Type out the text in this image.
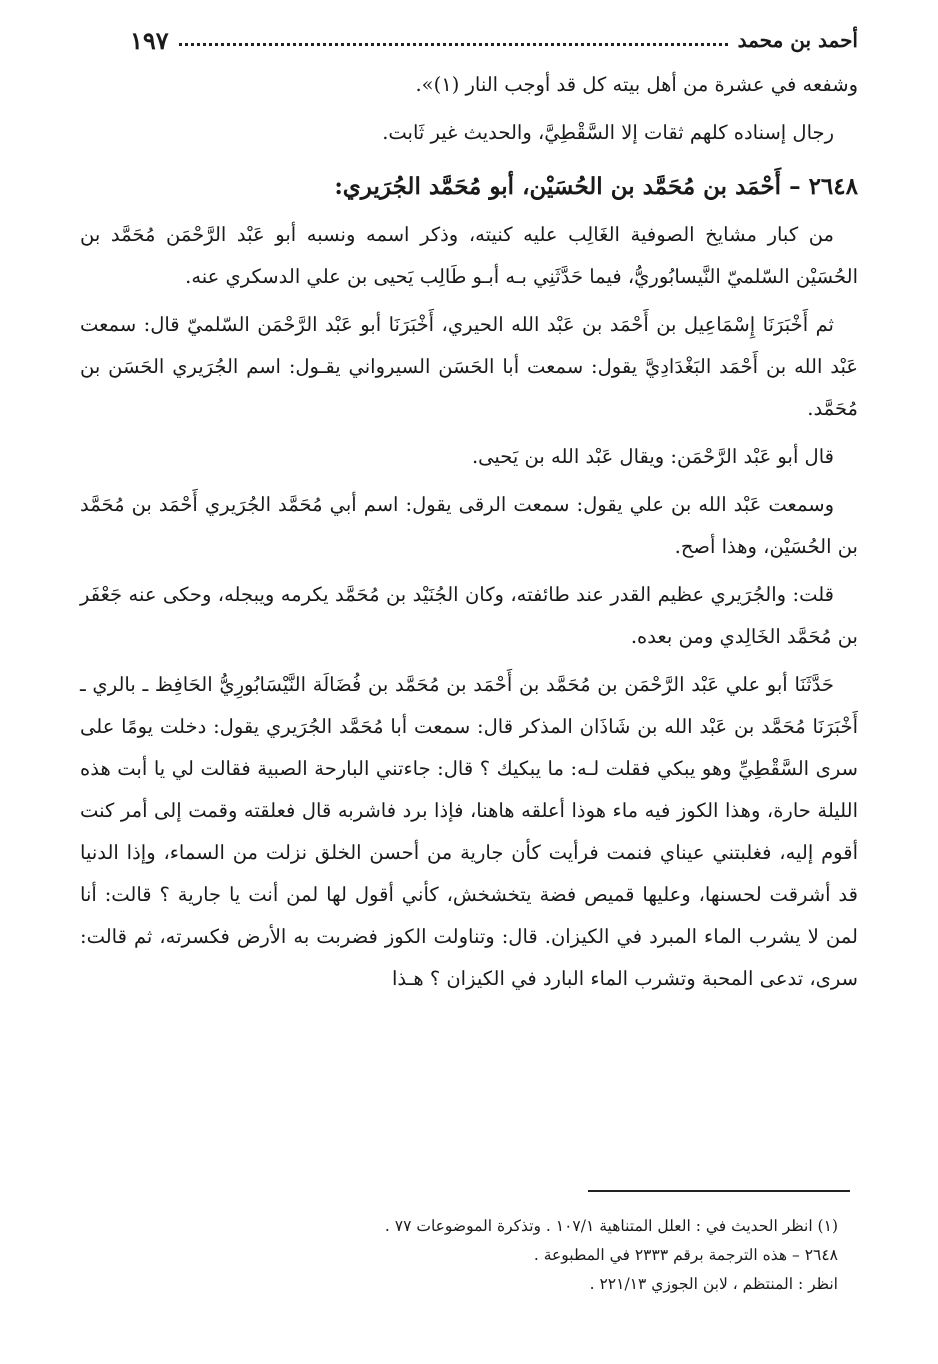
أحمد بن محمد
١٩٧

وشفعه في عشرة من أهل بيته كل قد أوجب النار (١)».

رجال إسناده كلهم ثقات إلا السَّقْطِيَّ، والحديث غير ثَابت.

٢٦٤٨ – أَحْمَد بن مُحَمَّد بن الحُسَيْن، أبو مُحَمَّد الجُرَيري:

من كبار مشايخ الصوفية الغَالِب عليه كنيته، وذكر اسمه ونسبه أبو عَبْد الرَّحْمَن مُحَمَّد بن الحُسَيْن السّلميّ النَّيسابُوريُّ، فيما حَدَّثَنِي بـه أبـو طَالِب يَحيى بن علي الدسكري عنه.

ثم أَخْبَرَنَا إِسْمَاعِيل بن أَحْمَد بن عَبْد الله الحيري، أَخْبَرَنَا أبو عَبْد الرَّحْمَن السّلميّ قال: سمعت عَبْد الله بن أَحْمَد البَغْدَادِيَّ يقول: سمعت أبا الحَسَن السيرواني يقـول: اسم الجُرَيري الحَسَن بن مُحَمَّد.

قال أبو عَبْد الرَّحْمَن: ويقال عَبْد الله بن يَحيى.

وسمعت عَبْد الله بن علي يقول: سمعت الرقى يقول: اسم أبي مُحَمَّد الجُرَيري أَحْمَد بن مُحَمَّد بن الحُسَيْن، وهذا أصح.

قلت: والجُرَيري عظيم القدر عند طائفته، وكان الجُنَيْد بن مُحَمَّد يكرمه ويبجله، وحكى عنه جَعْفَر بن مُحَمَّد الخَالِدي ومن بعده.

حَدَّثَنَا أبو علي عَبْد الرَّحْمَن بن مُحَمَّد بن أَحْمَد بن مُحَمَّد بن فُضَالَة النَّيْسَابُورِيُّ الحَافِظ ـ بالري ـ أَخْبَرَنَا مُحَمَّد بن عَبْد الله بن شَاذَان المذكر قال: سمعت أبا مُحَمَّد الجُرَيري يقول: دخلت يومًا على سرى السَّقْطِيِّ وهو يبكي فقلت لـه: ما يبكيك ؟ قال: جاءتني البارحة الصبية فقالت لي يا أبت هذه الليلة حارة، وهذا الكوز فيه ماء هوذا أعلقه هاهنا، فإذا برد فاشربه قال فعلقته وقمت إلى أمر كنت أقوم إليه، فغلبتني عيناي فنمت فرأيت كأن جارية من أحسن الخلق نزلت من السماء، وإذا الدنيا قد أشرقت لحسنها، وعليها قميص فضة يتخشخش، كأني أقول لها لمن أنت يا جارية ؟ قالت: أنا لمن لا يشرب الماء المبرد في الكيزان. قال: وتناولت الكوز فضربت به الأرض فكسرته، ثم قالت: سرى، تدعى المحبة وتشرب الماء البارد في الكيزان ؟ هـذا

(١) انظر الحديث في : العلل المتناهية ١٠٧/١ . وتذكرة الموضوعات ٧٧ .

٢٦٤٨ – هذه الترجمة برقم ٢٣٣٣ في المطبوعة .

انظر : المنتظم ، لابن الجوزي ٢٢١/١٣ .
